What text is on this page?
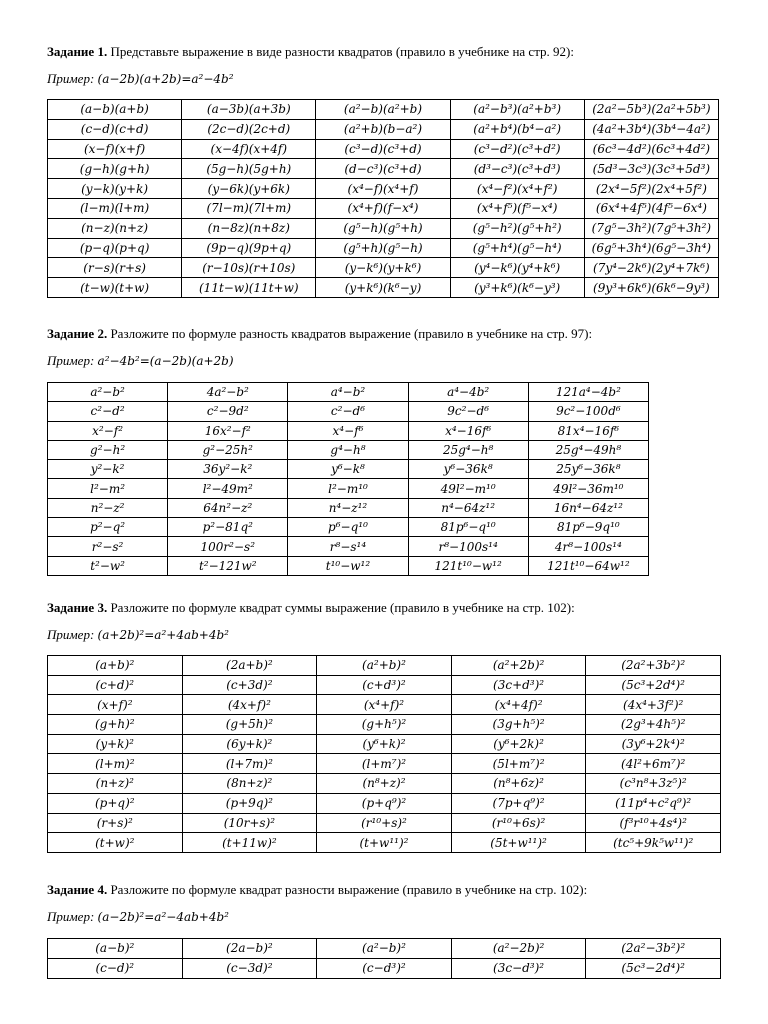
Задание 1. Представьте выражение в виде разности квадратов (правило в учебнике на стр. 92):
Пример: (a−2b)(a+2b)=a²−4b²
(a−b)(a+b)	(a−3b)(a+3b)	(a²−b)(a²+b)	(a²−b³)(a²+b³)	(2a²−5b³)(2a²+5b³)
(c−d)(c+d)	(2c−d)(2c+d)	(a²+b)(b−a²)	(a²+b⁴)(b⁴−a²)	(4a²+3b⁴)(3b⁴−4a²)
(x−f)(x+f)	(x−4f)(x+4f)	(c³−d)(c³+d)	(c³−d²)(c³+d²)	(6c³−4d²)(6c³+4d²)
(g−h)(g+h)	(5g−h)(5g+h)	(d−c³)(c³+d)	(d³−c³)(c³+d³)	(5d³−3c³)(3c³+5d³)
(y−k)(y+k)	(y−6k)(y+6k)	(x⁴−f)(x⁴+f)	(x⁴−f²)(x⁴+f²)	(2x⁴−5f²)(2x⁴+5f²)
(l−m)(l+m)	(7l−m)(7l+m)	(x⁴+f)(f−x⁴)	(x⁴+f⁵)(f⁵−x⁴)	(6x⁴+4f⁵)(4f⁵−6x⁴)
(n−z)(n+z)	(n−8z)(n+8z)	(g⁵−h)(g⁵+h)	(g⁵−h²)(g⁵+h²)	(7g⁵−3h²)(7g⁵+3h²)
(p−q)(p+q)	(9p−q)(9p+q)	(g⁵+h)(g⁵−h)	(g⁵+h⁴)(g⁵−h⁴)	(6g⁵+3h⁴)(6g⁵−3h⁴)
(r−s)(r+s)	(r−10s)(r+10s)	(y−k⁶)(y+k⁶)	(y⁴−k⁶)(y⁴+k⁶)	(7y⁴−2k⁶)(2y⁴+7k⁶)
(t−w)(t+w)	(11t−w)(11t+w)	(y+k⁶)(k⁶−y)	(y³+k⁶)(k⁶−y³)	(9y³+6k⁶)(6k⁶−9y³)
Задание 2. Разложите по формуле разность квадратов выражение (правило в учебнике на стр. 97):
Пример: a²−4b²=(a−2b)(a+2b)
a²−b²	4a²−b²	a⁴−b²	a⁴−4b²	121a⁴−4b²
c²−d²	c²−9d²	c²−d⁶	9c²−d⁶	9c²−100d⁶
x²−f²	16x²−f²	x⁴−f⁶	x⁴−16f⁶	81x⁴−16f⁶
g²−h²	g²−25h²	g⁴−h⁸	25g⁴−h⁸	25g⁴−49h⁸
y²−k²	36y²−k²	y⁶−k⁸	y⁶−36k⁸	25y⁶−36k⁸
l²−m²	l²−49m²	l²−m¹⁰	49l²−m¹⁰	49l²−36m¹⁰
n²−z²	64n²−z²	n⁴−z¹²	n⁴−64z¹²	16n⁴−64z¹²
p²−q²	p²−81q²	p⁶−q¹⁰	81p⁶−q¹⁰	81p⁶−9q¹⁰
r²−s²	100r²−s²	r⁸−s¹⁴	r⁸−100s¹⁴	4r⁸−100s¹⁴
t²−w²	t²−121w²	t¹⁰−w¹²	121t¹⁰−w¹²	121t¹⁰−64w¹²
Задание 3. Разложите по формуле квадрат суммы выражение (правило в учебнике на стр. 102):
Пример: (a+2b)²=a²+4ab+4b²
(a+b)²	(2a+b)²	(a²+b)²	(a²+2b)²	(2a²+3b²)²
(c+d)²	(c+3d)²	(c+d³)²	(3c+d³)²	(5c³+2d⁴)²
(x+f)²	(4x+f)²	(x⁴+f)²	(x⁴+4f)²	(4x⁴+3f²)²
(g+h)²	(g+5h)²	(g+h⁵)²	(3g+h⁵)²	(2g³+4h⁵)²
(y+k)²	(6y+k)²	(y⁶+k)²	(y⁶+2k)²	(3y⁶+2k⁴)²
(l+m)²	(l+7m)²	(l+m⁷)²	(5l+m⁷)²	(4l²+6m⁷)²
(n+z)²	(8n+z)²	(n⁸+z)²	(n⁸+6z)²	(c³n⁸+3z⁵)²
(p+q)²	(p+9q)²	(p+q⁹)²	(7p+q⁹)²	(11p⁴+c²q⁹)²
(r+s)²	(10r+s)²	(r¹⁰+s)²	(r¹⁰+6s)²	(f³r¹⁰+4s⁴)²
(t+w)²	(t+11w)²	(t+w¹¹)²	(5t+w¹¹)²	(tc⁵+9k⁵w¹¹)²
Задание 4. Разложите по формуле квадрат разности выражение (правило в учебнике на стр. 102):
Пример: (a−2b)²=a²−4ab+4b²
(a−b)²	(2a−b)²	(a²−b)²	(a²−2b)²	(2a²−3b²)²
(c−d)²	(c−3d)²	(c−d³)²	(3c−d³)²	(5c³−2d⁴)²
